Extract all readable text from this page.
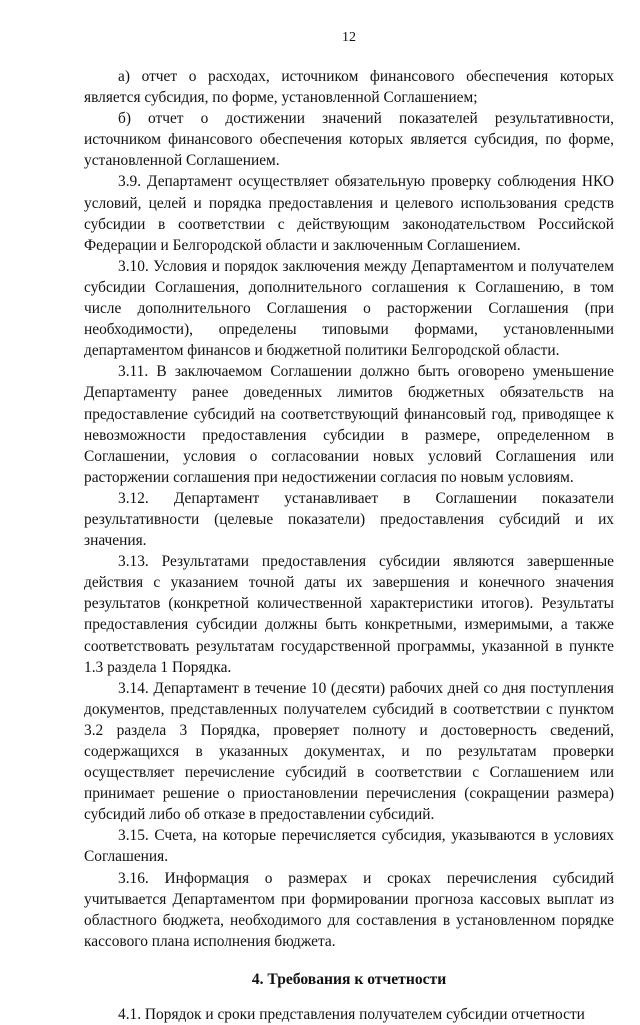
12

а) отчет о расходах, источником финансового обеспечения которых является субсидия, по форме, установленной Соглашением;

б) отчет о достижении значений показателей результативности, источником финансового обеспечения которых является субсидия, по форме, установленной Соглашением.

3.9. Департамент осуществляет обязательную проверку соблюдения НКО условий, целей и порядка предоставления и целевого использования средств субсидии в соответствии с действующим законодательством Российской Федерации и Белгородской области и заключенным Соглашением.

3.10. Условия и порядок заключения между Департаментом и получателем субсидии Соглашения, дополнительного соглашения к Соглашению, в том числе дополнительного Соглашения о расторжении Соглашения (при необходимости), определены типовыми формами, установленными департаментом финансов и бюджетной политики Белгородской области.

3.11. В заключаемом Соглашении должно быть оговорено уменьшение Департаменту ранее доведенных лимитов бюджетных обязательств на предоставление субсидий на соответствующий финансовый год, приводящее к невозможности предоставления субсидии в размере, определенном в Соглашении, условия о согласовании новых условий Соглашения или расторжении соглашения при недостижении согласия по новым условиям.

3.12. Департамент устанавливает в Соглашении показатели результативности (целевые показатели) предоставления субсидий и их значения.

3.13. Результатами предоставления субсидии являются завершенные действия с указанием точной даты их завершения и конечного значения результатов (конкретной количественной характеристики итогов). Результаты предоставления субсидии должны быть конкретными, измеримыми, а также соответствовать результатам государственной программы, указанной в пункте 1.3 раздела 1 Порядка.

3.14. Департамент в течение 10 (десяти) рабочих дней со дня поступления документов, представленных получателем субсидий в соответствии с пунктом 3.2 раздела 3 Порядка, проверяет полноту и достоверность сведений, содержащихся в указанных документах, и по результатам проверки осуществляет перечисление субсидий в соответствии с Соглашением или принимает решение о приостановлении перечисления (сокращении размера) субсидий либо об отказе в предоставлении субсидий.

3.15. Счета, на которые перечисляется субсидия, указываются в условиях Соглашения.

3.16. Информация о размерах и сроках перечисления субсидий учитывается Департаментом при формировании прогноза кассовых выплат из областного бюджета, необходимого для составления в установленном порядке кассового плана исполнения бюджета.

4. Требования к отчетности

4.1. Порядок и сроки представления получателем субсидии отчетности
